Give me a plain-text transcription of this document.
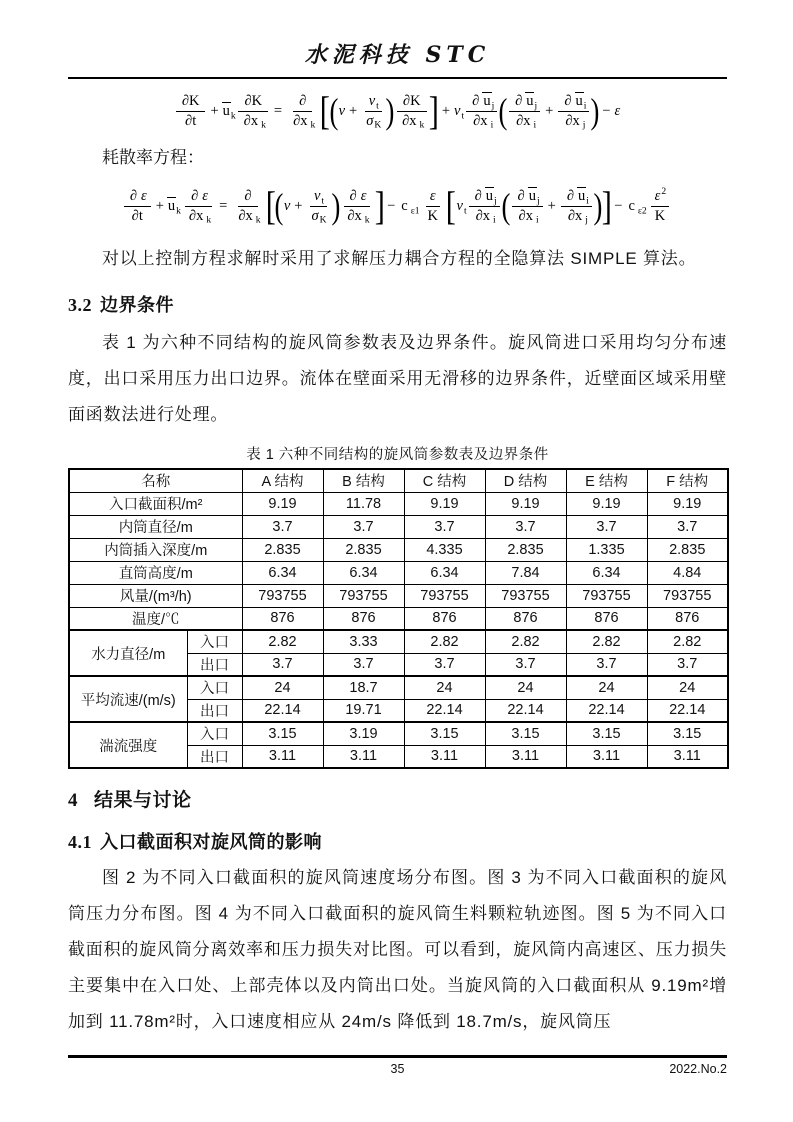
水泥科技 STC
$\frac{\partial K}{\partial t} + u$ k $\frac{\partial K}{\text{∂x k}} = \frac{\partial}{\text{∂x k}}$ [ ( $\nu + \frac{\text{ν t}}{\text{σ K}}$ ) $\frac{\partial K}{\text{∂x k}}$ ] + ν t $\frac{\text{∂ u j}}{\text{∂x i}}$ ( $\frac{\text{∂ u j}}{\text{∂x i}} + \frac{\text{∂ u i}}{\text{∂x j}}$ ) − ε
耗散率方程：
$\frac{\partial \varepsilon}{\partial t} + u$ k $\frac{\partial \varepsilon}{\text{∂x k}} = \frac{\partial}{\text{∂x k}}$ [ ( $\nu + \frac{\text{ν t}}{\text{σ K}}$ ) $\frac{\partial \varepsilon}{\text{∂x k}}$ ] − c $\varepsilon 1 \frac{\varepsilon}{K}$ [ ν t $\frac{\text{∂ u j}}{\text{∂x i}}$ ( $\frac{\text{∂ u j}}{\text{∂x i}} + \frac{\text{∂ u i}}{\text{∂x j}}$ ) ] − c $\varepsilon 2 \frac{\varepsilon 2}{K}$

对以上控制方程求解时采用了求解压力耦合方程的全隐算法 SIMPLE 算法。

3.2 边界条件

表 1 为六种不同结构的旋风筒参数表及边界条件。旋风筒进口采用均匀分布速度，出口采用压力出口边界。流体在壁面采用无滑移的边界条件，近壁面区域采用壁面函数法进行处理。

表 1 六种不同结构的旋风筒参数表及边界条件
名称		A 结构	B 结构	C 结构	D 结构	E 结构	F 结构
入口截面积/m²		9.19	11.78	9.19	9.19	9.19	9.19
内筒直径/m		3.7	3.7	3.7	3.7	3.7	3.7
内筒插入深度/m		2.835	2.835	4.335	2.835	1.335	2.835
直筒高度/m		6.34	6.34	6.34	7.84	6.34	4.84
风量/(m³/h)		793755	793755	793755	793755	793755	793755
温度/℃		876	876	876	876	876	876
水力直径/m	入口	2.82	3.33	2.82	2.82	2.82	2.82
	出口	3.7	3.7	3.7	3.7	3.7	3.7
平均流速/(m/s)	入口	24	18.7	24	24	24	24
	出口	22.14	19.71	22.14	22.14	22.14	22.14
湍流强度	入口	3.15	3.19	3.15	3.15	3.15	3.15
	出口	3.11	3.11	3.11	3.11	3.11	3.11
4 结果与讨论
4.1 入口截面积对旋风筒的影响

图 2 为不同入口截面积的旋风筒速度场分布图。图 3 为不同入口截面积的旋风筒压力分布图。图 4 为不同入口截面积的旋风筒生料颗粒轨迹图。图 5 为不同入口截面积的旋风筒分离效率和压力损失对比图。可以看到，旋风筒内高速区、压力损失主要集中在入口处、上部壳体以及内筒出口处。当旋风筒的入口截面积从 9.19m²增加到 11.78m²时，入口速度相应从 24m/s 降低到 18.7m/s，旋风筒压

35	2022.No.2
